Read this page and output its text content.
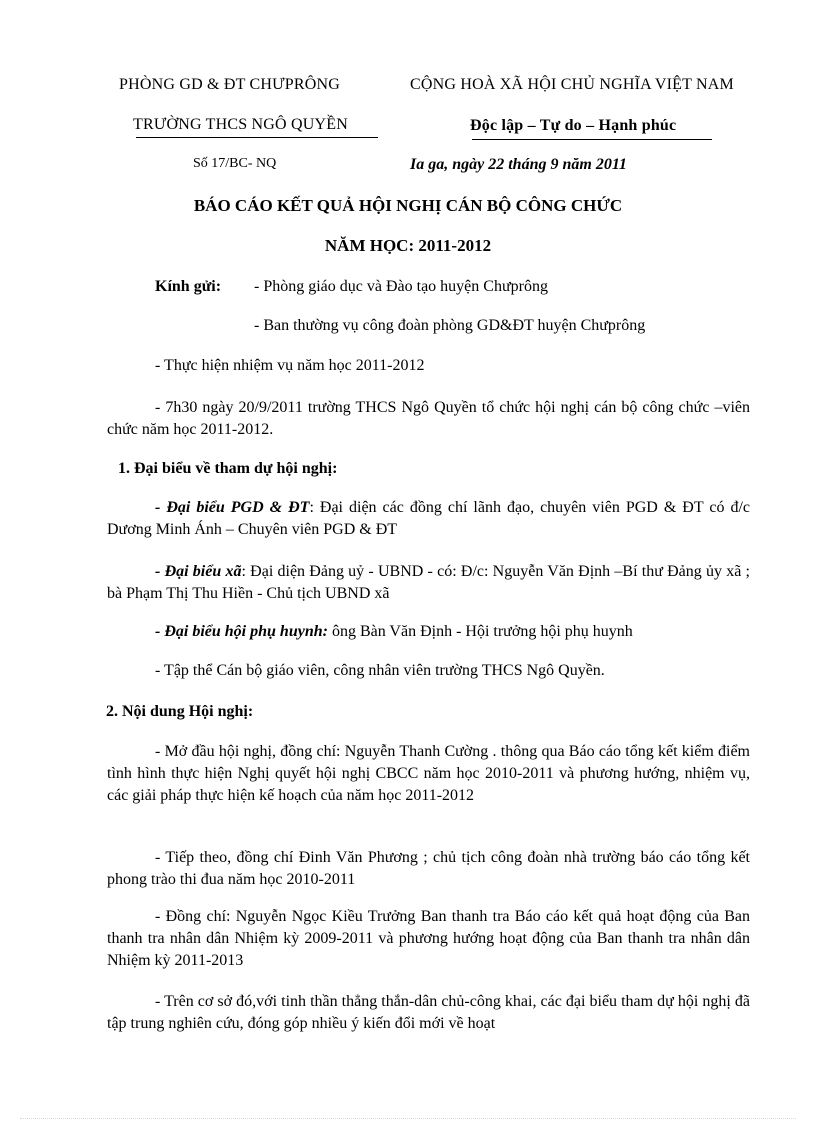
PHÒNG GD & ĐT CHƯPRÔNG
TRƯỜNG THCS NGÔ QUYỀN
CỘNG HOÀ XÃ HỘI CHỦ NGHĨA VIỆT NAM
Độc lập – Tự do – Hạnh phúc
Số 17/BC- NQ	Ia ga, ngày 22 tháng 9 năm 2011
BÁO CÁO KẾT QUẢ HỘI NGHỊ CÁN BỘ CÔNG CHỨC
NĂM HỌC: 2011-2012
Kính gửi: - Phòng giáo dục và Đào tạo huyện Chưprông
- Ban thường vụ công đoàn phòng GD&ĐT huyện Chưprông
- Thực hiện nhiệm vụ năm học 2011-2012
- 7h30 ngày 20/9/2011 trường THCS Ngô Quyền tổ chức hội nghị cán bộ công chức –viên chức năm học 2011-2012.
1. Đại biểu về tham dự hội nghị:
- Đại biểu PGD & ĐT: Đại diện các đồng chí lãnh đạo, chuyên viên PGD & ĐT có đ/c Dương Minh Ánh – Chuyên viên PGD & ĐT
- Đại biểu xã: Đại diện Đảng uỷ - UBND - có: Đ/c: Nguyễn Văn Định –Bí thư Đảng ủy xã ; bà Phạm Thị Thu Hiền - Chủ tịch UBND xã
- Đại biểu hội phụ huynh: ông Bàn Văn Định - Hội trưởng hội phụ huynh
- Tập thể Cán bộ giáo viên, công nhân viên trường THCS Ngô Quyền.
2. Nội dung Hội nghị:
- Mở đầu hội nghị, đồng chí: Nguyễn Thanh Cường . thông qua Báo cáo tổng kết kiểm điểm tình hình thực hiện Nghị quyết hội nghị CBCC năm học 2010-2011 và phương hướng, nhiệm vụ, các giải pháp thực hiện kế hoạch của năm học 2011-2012
- Tiếp theo, đồng chí Đinh Văn Phương ; chủ tịch công đoàn nhà trường báo cáo tổng kết phong trào thi đua năm học 2010-2011
- Đồng chí: Nguyễn Ngọc Kiều Trưởng Ban thanh tra Báo cáo kết quả hoạt động của Ban thanh tra nhân dân Nhiệm kỳ 2009-2011 và phương hướng hoạt động của Ban thanh tra nhân dân Nhiệm kỳ 2011-2013
- Trên cơ sở đó,với tinh thần thẳng thắn-dân chủ-công khai, các đại biểu tham dự hội nghị đã tập trung nghiên cứu, đóng góp nhiều ý kiến đổi mới về hoạt
